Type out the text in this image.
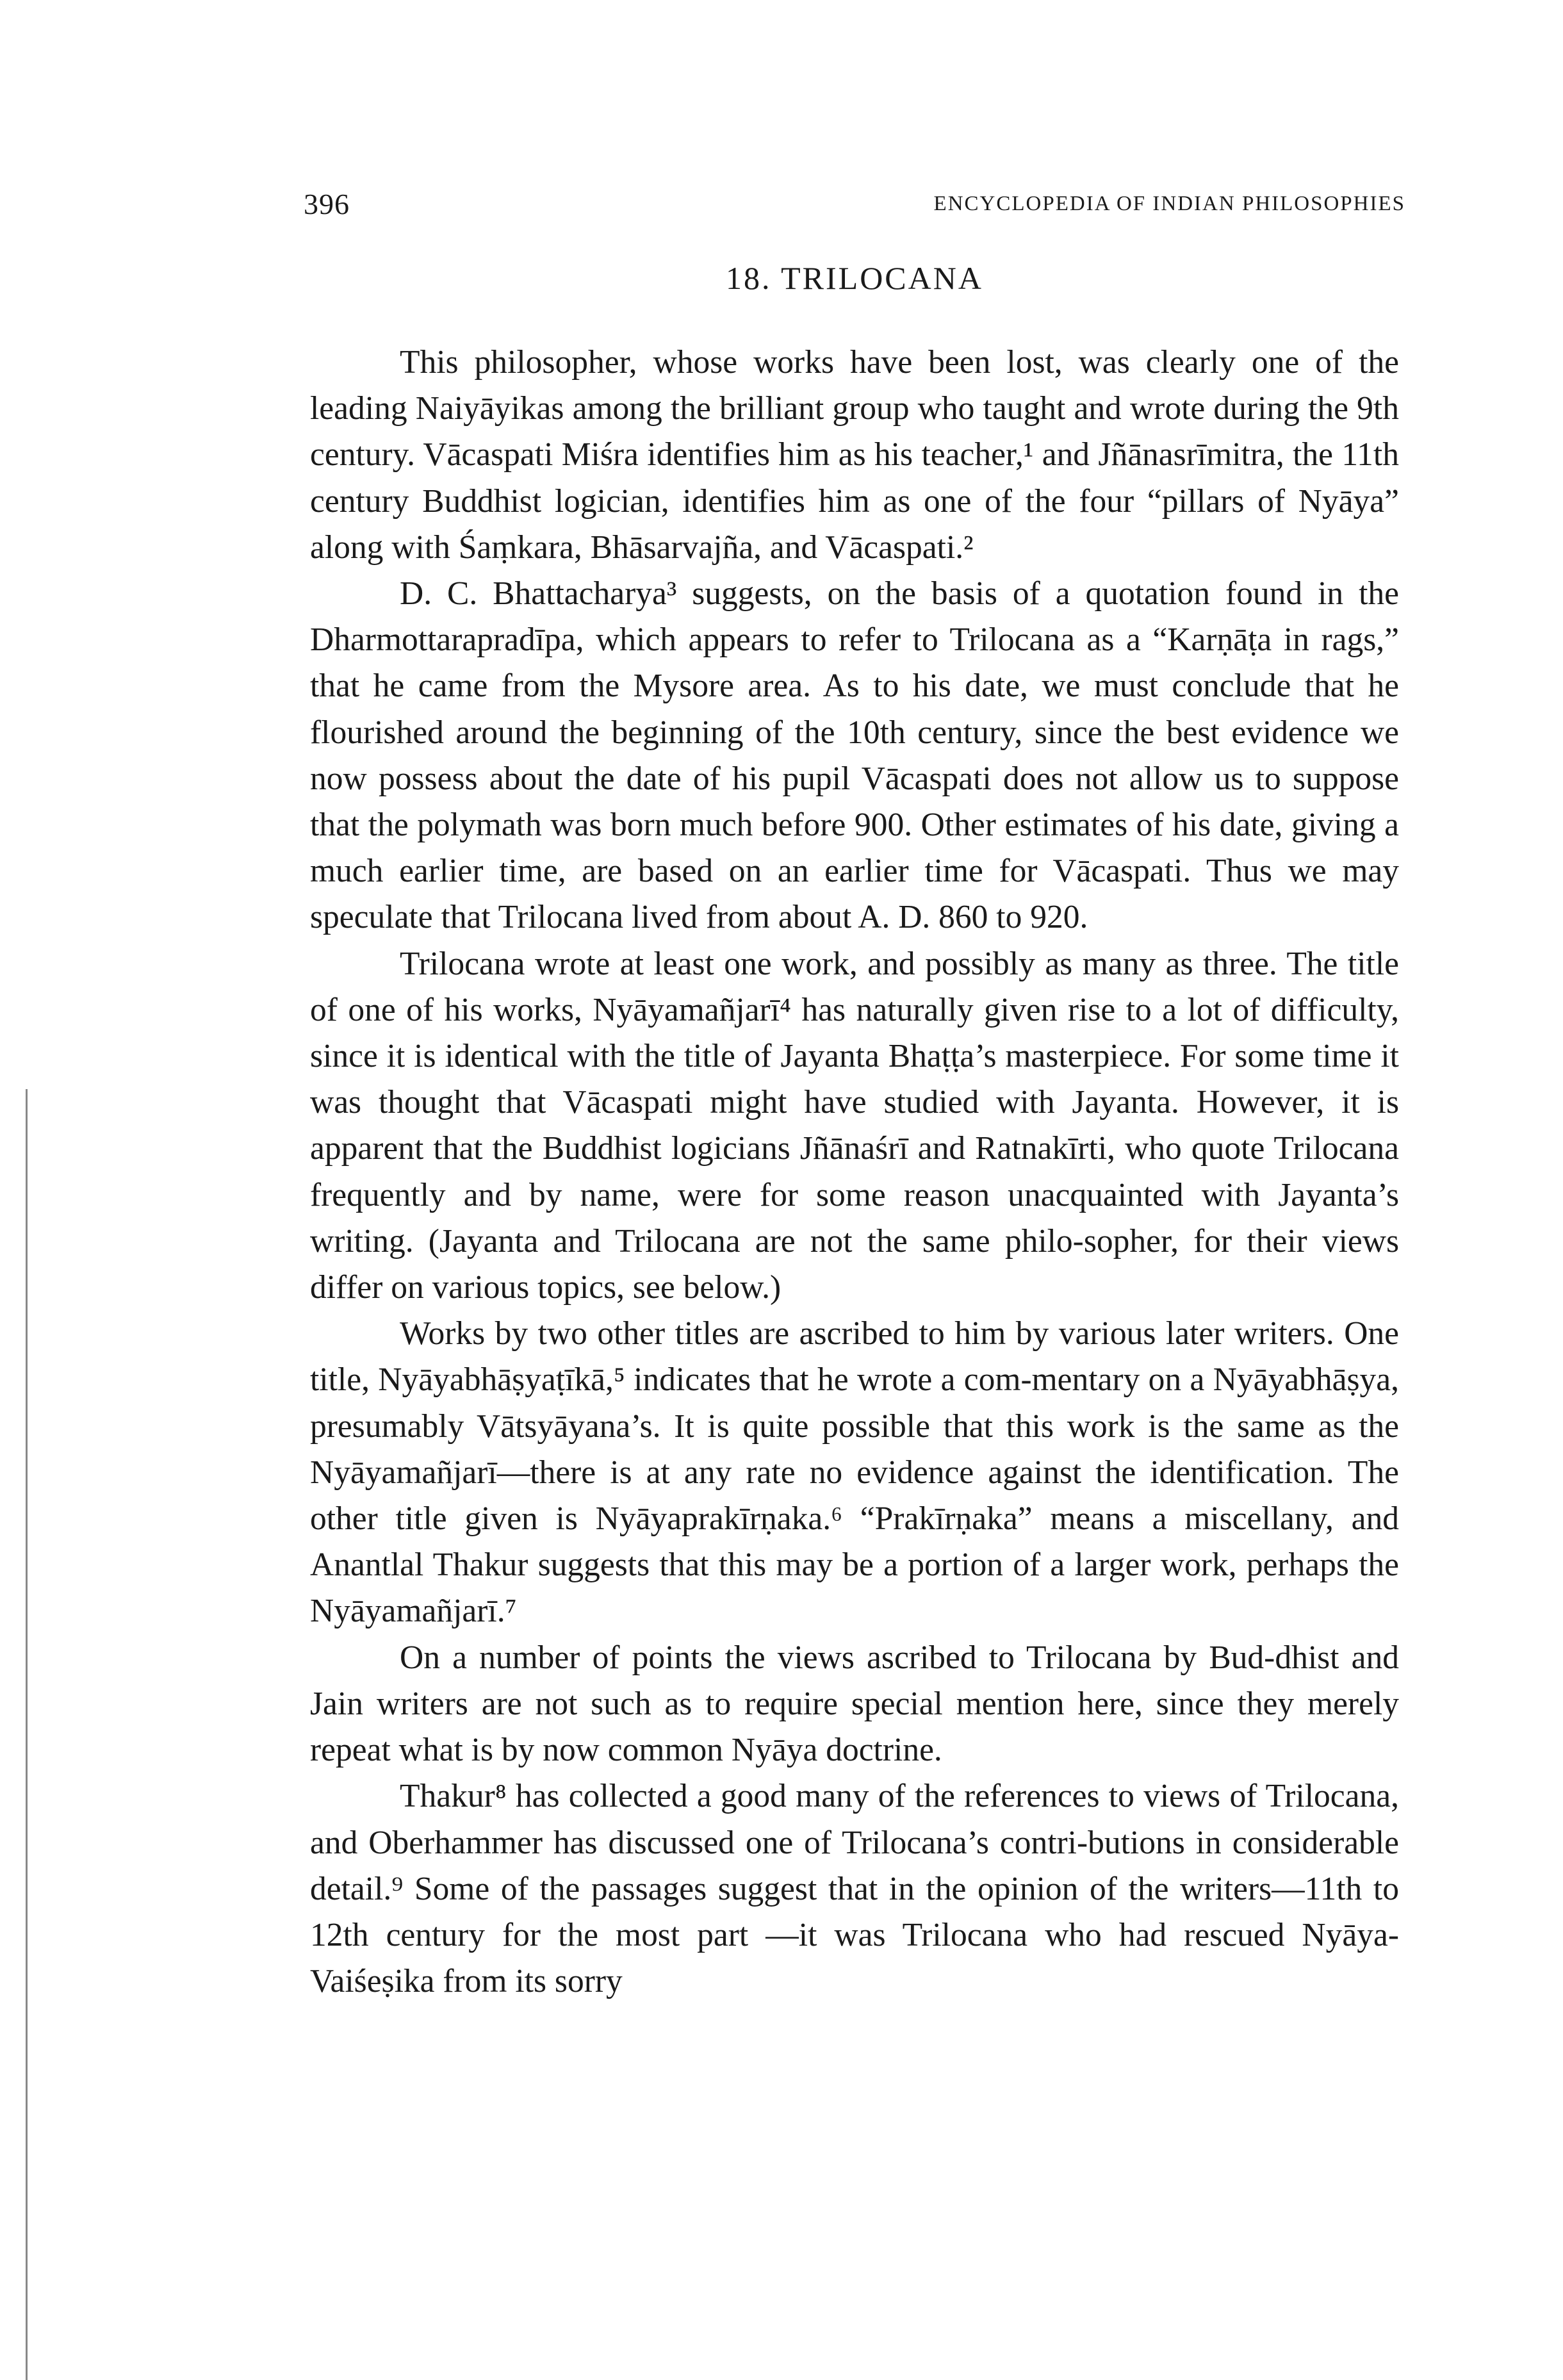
396	ENCYCLOPEDIA OF INDIAN PHILOSOPHIES
18. TRILOCANA

This philosopher, whose works have been lost, was clearly one of the leading Naiyāyikas among the brilliant group who taught and wrote during the 9th century. Vācaspati Miśra identifies him as his teacher,¹ and Jñānasrīmitra, the 11th century Buddhist logician, identifies him as one of the four “pillars of Nyāya” along with Śaṃkara, Bhāsarvajña, and Vācaspati.²

D. C. Bhattacharya³ suggests, on the basis of a quotation found in the Dharmottarapradīpa, which appears to refer to Trilocana as a “Karṇāṭa in rags,” that he came from the Mysore area. As to his date, we must conclude that he flourished around the beginning of the 10th century, since the best evidence we now possess about the date of his pupil Vācaspati does not allow us to suppose that the polymath was born much before 900. Other estimates of his date, giving a much earlier time, are based on an earlier time for Vācaspati. Thus we may speculate that Trilocana lived from about A. D. 860 to 920.

Trilocana wrote at least one work, and possibly as many as three. The title of one of his works, Nyāyamañjarī⁴ has naturally given rise to a lot of difficulty, since it is identical with the title of Jayanta Bhaṭṭa’s masterpiece. For some time it was thought that Vācaspati might have studied with Jayanta. However, it is apparent that the Buddhist logicians Jñānaśrī and Ratnakīrti, who quote Trilocana frequently and by name, were for some reason unacquainted with Jayanta’s writing. (Jayanta and Trilocana are not the same philo-sopher, for their views differ on various topics, see below.)

Works by two other titles are ascribed to him by various later writers. One title, Nyāyabhāṣyaṭīkā,⁵ indicates that he wrote a com-mentary on a Nyāyabhāṣya, presumably Vātsyāyana’s. It is quite possible that this work is the same as the Nyāyamañjarī—there is at any rate no evidence against the identification. The other title given is Nyāyaprakīrṇaka.⁶ “Prakīrṇaka” means a miscellany, and Anantlal Thakur suggests that this may be a portion of a larger work, perhaps the Nyāyamañjarī.⁷

On a number of points the views ascribed to Trilocana by Bud-dhist and Jain writers are not such as to require special mention here, since they merely repeat what is by now common Nyāya doctrine.

Thakur⁸ has collected a good many of the references to views of Trilocana, and Oberhammer has discussed one of Trilocana’s contri-butions in considerable detail.⁹ Some of the passages suggest that in the opinion of the writers—11th to 12th century for the most part —it was Trilocana who had rescued Nyāya-Vaiśeṣika from its sorry
